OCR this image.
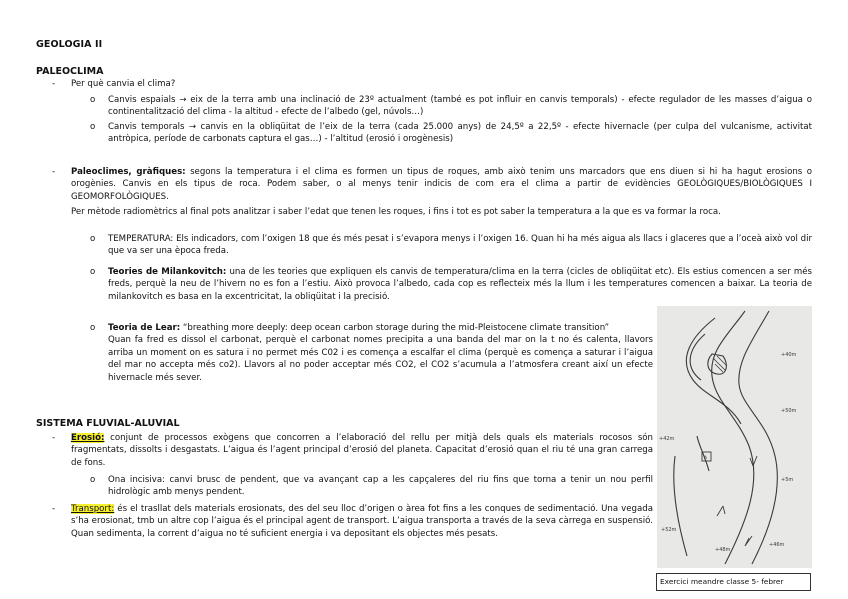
GEOLOGIA II
PALEOCLIMA
- Per què canvia el clima?
o Canvis espaials → eix de la terra amb una inclinació de 23º actualment (també es pot influir en canvis temporals) - efecte regulador de les masses d’aigua o continentalització del clima - la altitud - efecte de l’albedo (gel, núvols…)
o Canvis temporals → canvis en la obliqüitat de l’eix de la terra (cada 25.000 anys) de 24,5º a 22,5º - efecte hivernacle (per culpa del vulcanisme, activitat antròpica, període de carbonats captura el gas…) - l’altitud (erosió i orogènesis)
- Paleoclimes, gràfiques: segons la temperatura i el clima es formen un tipus de roques, amb això tenim uns marcadors que ens diuen si hi ha hagut erosions o orogènies. Canvis en els tipus de roca. Podem saber, o al menys tenir indicis de com era el clima a partir de evidències GEOLÒGIQUES/BIOLÒGIQUES I GEOMORFOLÒGIQUES.
Per mètode radiomètrics al final pots analitzar i saber l’edat que tenen les roques, i fins i tot es pot saber la temperatura a la que es va formar la roca.
o TEMPERATURA: Els indicadors, com l’oxigen 18 que és més pesat i s’evapora menys i l’oxigen 16. Quan hi ha més aigua als llacs i glaceres que a l’oceà això vol dir que va ser una època freda.
o Teories de Milankovitch: una de les teories que expliquen els canvis de temperatura/clima en la terra (cicles de obliqüitat etc). Els estius comencen a ser més freds, perquè la neu de l’hivern no es fon a l’estiu. Això provoca l’albedo, cada cop es reflecteix més la llum i les temperatures comencen a baixar. La teoria de milankovitch es basa en la excentricitat, la obliqüitat i la precisió.
o Teoria de Lear: “breathing more deeply: deep ocean carbon storage during the mid-Pleistocene climate transition”
Quan fa fred es dissol el carbonat, perquè el carbonat nomes precipita a una banda del mar on la t no és calenta, llavors arriba un moment on es satura i no permet més C02 i es comença a escalfar el clima (perquè es comença a saturar i l’aigua del mar no accepta més co2). Llavors al no poder acceptar més CO2, el CO2 s’acumula a l’atmosfera creant així un efecte hivernacle més sever.
SISTEMA FLUVIAL-ALUVIAL
- Erosió: conjunt de processos exògens que concorren a l’elaboració del rellu per mitjà dels quals els materials rocosos són fragmentats, dissolts i desgastats. L’aigua és l’agent principal d’erosió del planeta. Capacitat d’erosió quan el riu té una gran carrega de fons.
o Ona incisiva: canvi brusc de pendent, que va avançant cap a les capçaleres del riu fins que torna a tenir un nou perfil hidrològic amb menys pendent.
- Transport: és el trasllat dels materials erosionats, des del seu lloc d’origen o àrea fot fins a les conques de sedimentació. Una vegada s’ha erosionat, tmb un altre cop l’aigua és el principal agent de transport. L’aigua transporta a través de la seva càrrega en suspensió. Quan sedimenta, la corrent d’aigua no té suficient energia i va depositant els objectes més pesats.
+40m
+42m
A
+50m
+5m
+52m
+48m
+46m
Exercici meandre classe 5- febrer
